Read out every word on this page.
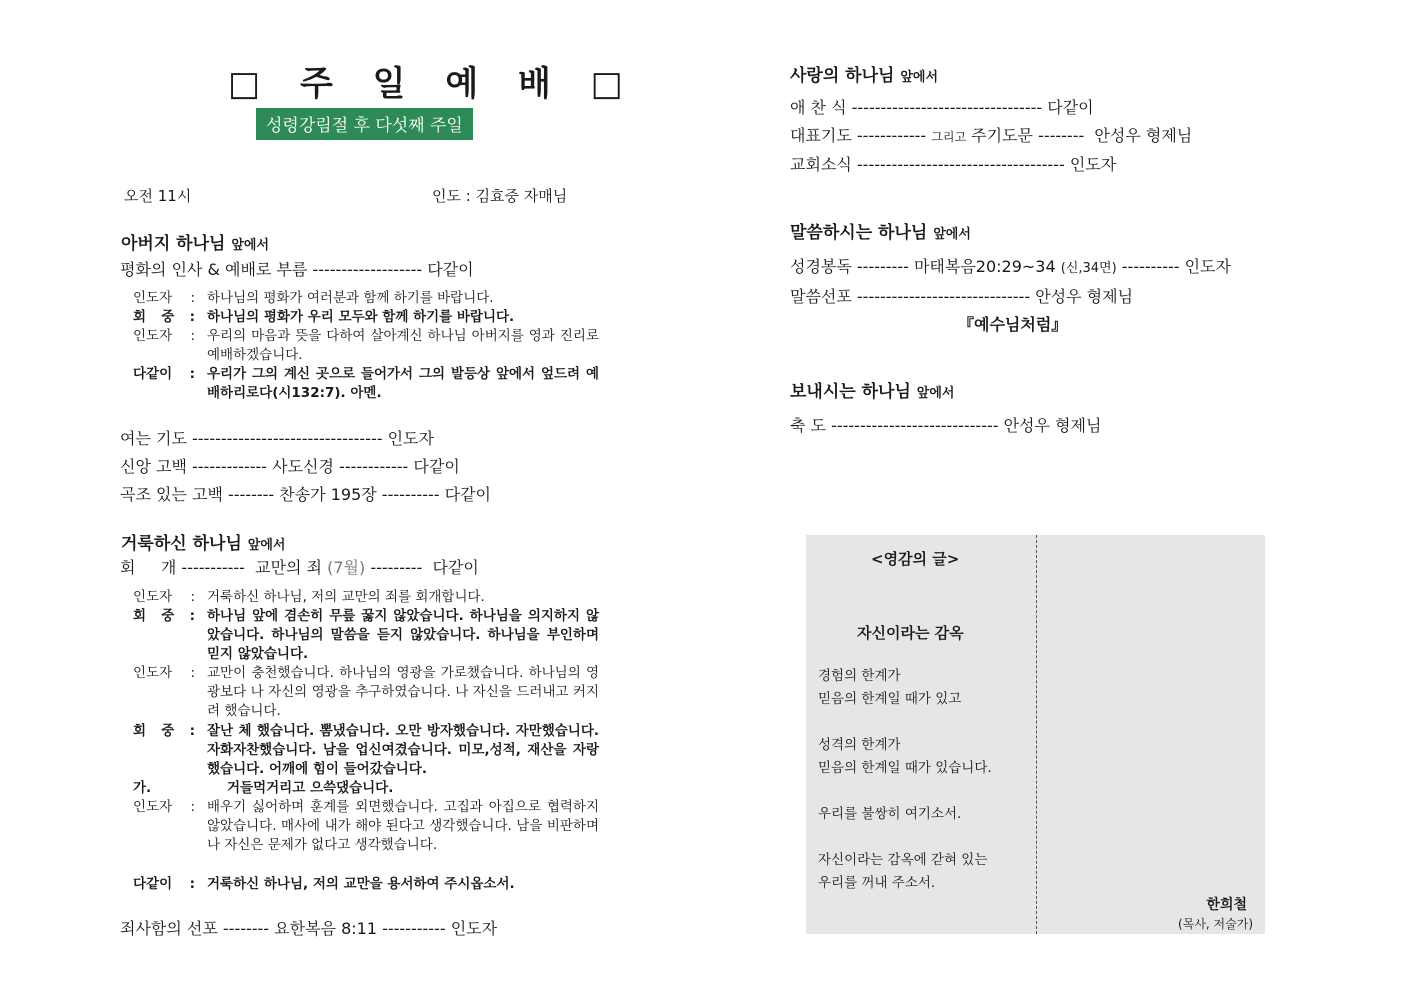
□ 주 일 예 배 □
성령강림절 후 다섯째 주일
오전 11시	인도 : 김효중 자매님
아버지 하나님 앞에서
평화의 인사 & 예배로 부름 ------------------- 다같이
인도자 : 하나님의 평화가 여러분과 함께 하기를 바랍니다.
회 중 : 하나님의 평화가 우리 모두와 함께 하기를 바랍니다.
인도자 : 우리의 마음과 뜻을 다하여 살아계신 하나님 아버지를 영과 진리로 예배하겠습니다.
다같이 : 우리가 그의 계신 곳으로 들어가서 그의 발등상 앞에서 엎드려 예배하리로다(시132:7). 아멘.
여는 기도 --------------------------------- 인도자
신앙 고백 ------------- 사도신경 ------------ 다같이
곡조 있는 고백 -------- 찬송가 195장 ---------- 다같이
거룩하신 하나님 앞에서
회     개 -----------  교만의 죄 (7월) ---------  다같이
인도자 : 거룩하신 하나님, 저의 교만의 죄를 회개합니다.
회 중 : 하나님 앞에 겸손히 무릎 꿇지 않았습니다. 하나님을 의지하지 않았습니다. 하나님의 말씀을 듣지 않았습니다. 하나님을 부인하며 믿지 않았습니다.
인도자 : 교만이 충천했습니다. 하나님의 영광을 가로챘습니다. 하나님의 영광보다 나 자신의 영광을 추구하였습니다. 나 자신을 드러내고 커지려 했습니다.
회 중 : 잘난 체 했습니다. 뽐냈습니다. 오만 방자했습니다. 자만했습니다. 자화자찬했습니다. 남을 업신여겼습니다. 미모,성적, 재산을 자랑했습니다. 어깨에 힘이 들어갔습니다.
가.	거들먹거리고 으쓱댔습니다.
인도자 : 배우기 싫어하며 훈계를 외면했습니다. 고집과 아집으로 협력하지 않았습니다. 매사에 내가 해야 된다고 생각했습니다. 남을 비판하며 나 자신은 문제가 없다고 생각했습니다.
다같이 : 거룩하신 하나님, 저의 교만을 용서하여 주시옵소서.
죄사함의 선포 -------- 요한복음 8:11 ----------- 인도자
사랑의 하나님 앞에서
애 찬 식 --------------------------------- 다같이
대표기도 ------------ 그리고 주기도문 --------  안성우 형제님
교회소식 ------------------------------------ 인도자
말씀하시는 하나님 앞에서
성경봉독 --------- 마태복음20:29~34 (신,34면) ---------- 인도자
말씀선포 ------------------------------ 안성우 형제님
『예수님처럼』
보내시는 하나님 앞에서
축 도 ----------------------------- 안성우 형제님
<영감의 글>
자신이라는 감옥
경험의 한계가
믿음의 한계일 때가 있고
성격의 한계가
믿음의 한계일 때가 있습니다.
우리를 불쌍히 여기소서.
자신이라는 감옥에 갇혀 있는
우리를 꺼내 주소서.
한희철
(목사, 저술가)
